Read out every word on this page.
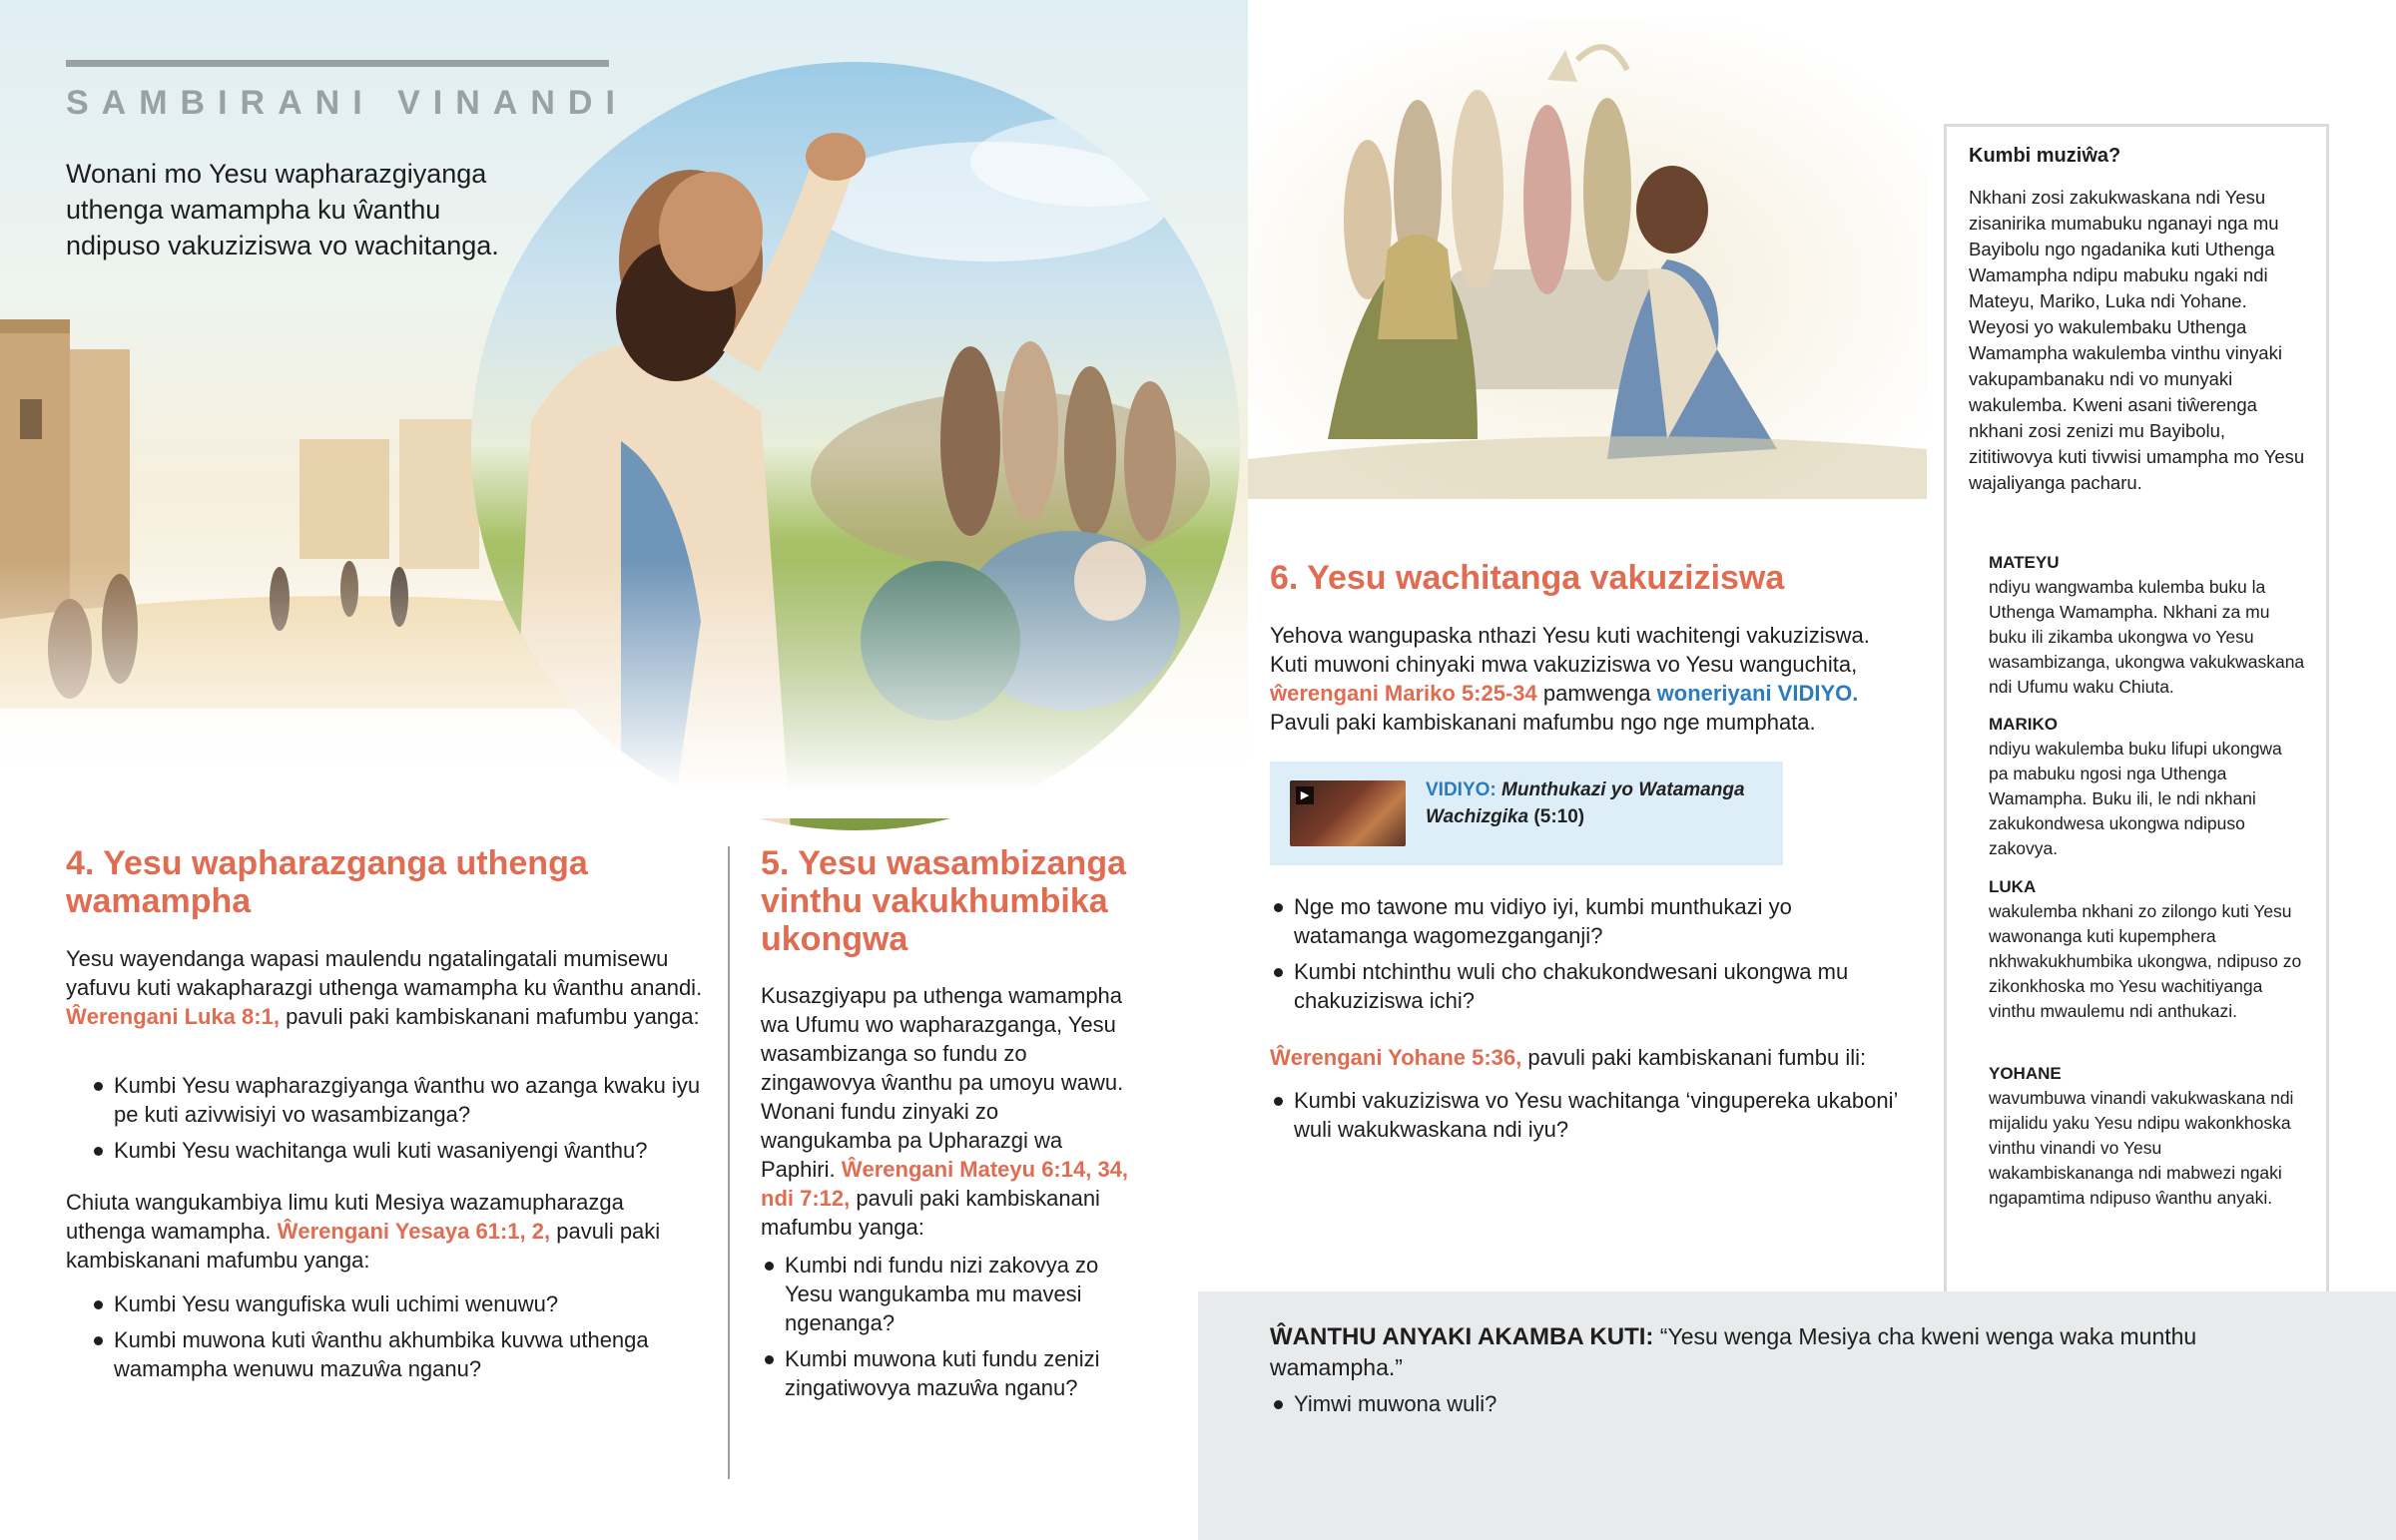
SAMBIRANI VINANDI
Wonani mo Yesu wapharazgiyanga uthenga wamampha ku ŵanthu ndipuso vakuziziswa vo wachitanga.
4. Yesu wapharazganga uthenga wamampha

Yesu wayendanga wapasi maulendu ngatalingatali mumisewu yafuvu kuti wakapharazgi uthenga wamampha ku ŵanthu anandi. Ŵerengani Luka 8:1, pavuli paki kambiskanani mafumbu yanga:

Kumbi Yesu wapharazgiyanga ŵanthu wo azanga kwaku iyu pe kuti azivwisiyi vo wasambizanga?
Kumbi Yesu wachitanga wuli kuti wasaniyengi ŵanthu?

Chiuta wangukambiya limu kuti Mesiya wazamupharazga uthenga wamampha. Ŵerengani Yesaya 61:1, 2, pavuli paki kambiskanani mafumbu yanga:

Kumbi Yesu wangufiska wuli uchimi wenuwu?
Kumbi muwona kuti ŵanthu akhumbika kuvwa uthenga wamampha wenuwu mazuŵa nganu?
5. Yesu wasambizanga vinthu vakukhumbika ukongwa

Kusazgiyapu pa uthenga wamampha wa Ufumu wo wapharazganga, Yesu wasambizanga so fundu zo zingawovya ŵanthu pa umoyu wawu. Wonani fundu zinyaki zo wangukamba pa Upharazgi wa Paphiri. Ŵerengani Mateyu 6:14, 34, ndi 7:12, pavuli paki kambiskanani mafumbu yanga:

Kumbi ndi fundu nizi zakovya zo Yesu wangukamba mu mavesi ngenanga?
Kumbi muwona kuti fundu zenizi zingatiwovya mazuŵa nganu?
6. Yesu wachitanga vakuziziswa

Yehova wangupaska nthazi Yesu kuti wachitengi vakuziziswa. Kuti muwoni chinyaki mwa vakuziziswa vo Yesu wanguchita, ŵerengani Mariko 5:25-34 pamwenga woneriyani VIDIYO. Pavuli paki kambiskanani mafumbu ngo nge mumphata.

▶	VIDIYO: Munthukazi yo Watamanga Wachizgika (5:10)
Nge mo tawone mu vidiyo iyi, kumbi munthukazi yo watamanga wagomezganganji?
Kumbi ntchinthu wuli cho chakukondwesani ukongwa mu chakuziziswa ichi?

Ŵerengani Yohane 5:36, pavuli paki kambiskanani fumbu ili:

Kumbi vakuziziswa vo Yesu wachitanga ‘vingupereka ukaboni’ wuli wakukwaskana ndi iyu?
Kumbi muziŵa?
Nkhani zosi zakukwaskana ndi Yesu zisanirika mumabuku nganayi nga mu Bayibolu ngo ngadanika kuti Uthenga Wamampha ndipu mabuku ngaki ndi Mateyu, Mariko, Luka ndi Yohane. Weyosi yo wakulembaku Uthenga Wamampha wakulemba vinthu vinyaki vakupambanaku ndi vo munyaki wakulemba. Kweni asani tiŵerenga nkhani zosi zenizi mu Bayibolu, zititiwovya kuti tivwisi umampha mo Yesu wajaliyanga pacharu.
MATEYU
ndiyu wangwamba kulemba buku la Uthenga Wamampha. Nkhani za mu buku ili zikamba ukongwa vo Yesu wasambizanga, ukongwa vakukwaskana ndi Ufumu waku Chiuta.
MARIKO
ndiyu wakulemba buku lifupi ukongwa pa mabuku ngosi nga Uthenga Wamampha. Buku ili, le ndi nkhani zakukondwesa ukongwa ndipuso zakovya.
LUKA
wakulemba nkhani zo zilongo kuti Yesu wawonanga kuti kupemphera nkhwakukhumbika ukongwa, ndipuso zo zikonkhoska mo Yesu wachitiyanga vinthu mwaulemu ndi anthukazi.
YOHANE
wavumbuwa vinandi vakukwaskana ndi mijalidu yaku Yesu ndipu wakonkhoska vinthu vinandi vo Yesu wakambiskananga ndi mabwezi ngaki ngapamtima ndipuso ŵanthu anyaki.
ŴANTHU ANYAKI AKAMBA KUTI: “Yesu wenga Mesiya cha kweni wenga waka munthu wamampha.”
Yimwi muwona wuli?
